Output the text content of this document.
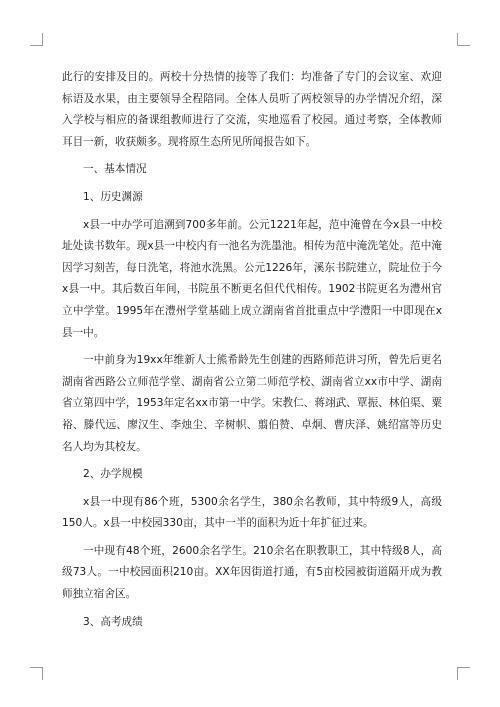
此行的安排及目的。两校十分热情的接等了我们：均准备了专门的会议室、欢迎标语及水果，由主要领导全程陪同。全体人员听了两校领导的办学情况介绍，深入学校与相应的备课组教师进行了交流，实地巡看了校园。通过考察，全体教师耳目一新，收获颇多。现将原生态所见所闻报告如下。

一、基本情况

1、历史渊源

x县一中办学可追溯到700多年前。公元1221年起，范中淹曾在今x县一中校址处读书数年。现x县一中校内有一池名为洗墨池。相传为范中淹洗笔处。范中淹因学习刻苦，每日洗笔，将池水洗黑。公元1226年，溪东书院建立，院址位于今x县一中。其后数百年间，书院虽不断更名但代代相传。1902书院更名为澧州官立中学堂。1995年在澧州学堂基础上成立湖南省首批重点中学澧阳一中即现在x县一中。

一中前身为19xx年维新人士熊希龄先生创建的西路师范讲习所，曾先后更名湖南省西路公立师范学堂、湖南省公立第二师范学校、湖南省立xx市中学、湖南省立第四中学，1953年定名xx市第一中学。宋教仁、蒋翊武、覃振、林伯渠、粟裕、滕代远、廖汉生、李烛尘、辛树帜、翦伯赞、卓炯、曹庆泽、姚绍富等历史名人均为其校友。

2、办学规模

x县一中现有86个班，5300余名学生，380余名教师，其中特级9人，高级150人。x县一中校园330亩，其中一半的面积为近十年扩征过来。

一中现有48个班，2600余名学生。210余名在职教职工，其中特级8人，高级73人。一中校园面积210亩。XX年因街道打通，有5亩校园被街道隔开成为教师独立宿舍区。

3、高考成绩
